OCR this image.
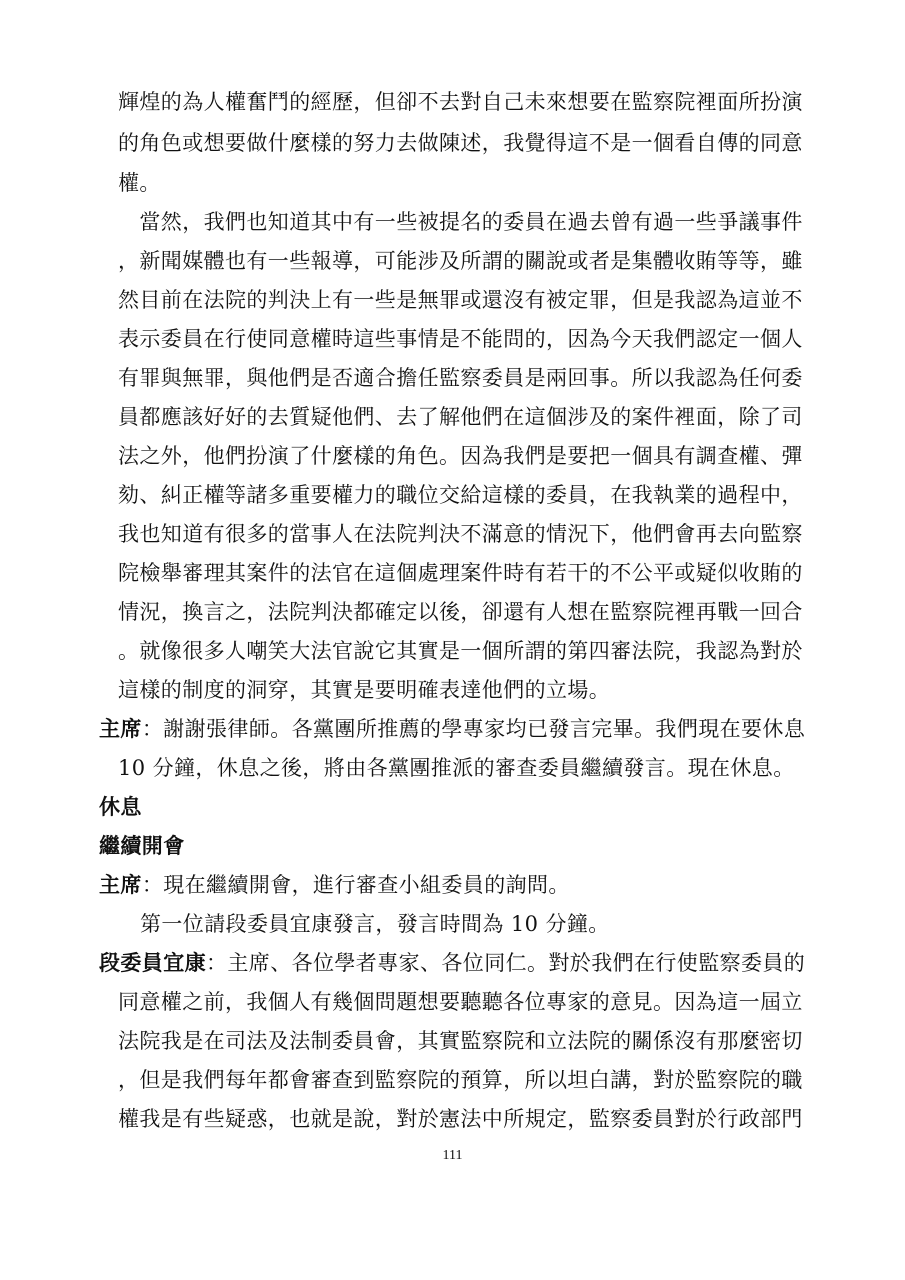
輝煌的為人權奮鬥的經歷，但卻不去對自己未來想要在監察院裡面所扮演
的角色或想要做什麼樣的努力去做陳述，我覺得這不是一個看自傳的同意
權。
　當然，我們也知道其中有一些被提名的委員在過去曾有過一些爭議事件
，新聞媒體也有一些報導，可能涉及所謂的關說或者是集體收賄等等，雖
然目前在法院的判決上有一些是無罪或還沒有被定罪，但是我認為這並不
表示委員在行使同意權時這些事情是不能問的，因為今天我們認定一個人
有罪與無罪，與他們是否適合擔任監察委員是兩回事。所以我認為任何委
員都應該好好的去質疑他們、去了解他們在這個涉及的案件裡面，除了司
法之外，他們扮演了什麼樣的角色。因為我們是要把一個具有調查權、彈
劾、糾正權等諸多重要權力的職位交給這樣的委員，在我執業的過程中，
我也知道有很多的當事人在法院判決不滿意的情況下，他們會再去向監察
院檢舉審理其案件的法官在這個處理案件時有若干的不公平或疑似收賄的
情況，換言之，法院判決都確定以後，卻還有人想在監察院裡再戰一回合
。就像很多人嘲笑大法官說它其實是一個所謂的第四審法院，我認為對於
這樣的制度的洞穿，其實是要明確表達他們的立場。
主席：謝謝張律師。各黨團所推薦的學專家均已發言完畢。我們現在要休息
10 分鐘，休息之後，將由各黨團推派的審查委員繼續發言。現在休息。
休息
繼續開會
主席：現在繼續開會，進行審查小組委員的詢問。
第一位請段委員宜康發言，發言時間為 10 分鐘。
段委員宜康：主席、各位學者專家、各位同仁。對於我們在行使監察委員的
同意權之前，我個人有幾個問題想要聽聽各位專家的意見。因為這一屆立
法院我是在司法及法制委員會，其實監察院和立法院的關係沒有那麼密切
，但是我們每年都會審查到監察院的預算，所以坦白講，對於監察院的職
權我是有些疑惑，也就是說，對於憲法中所規定，監察委員對於行政部門
111
